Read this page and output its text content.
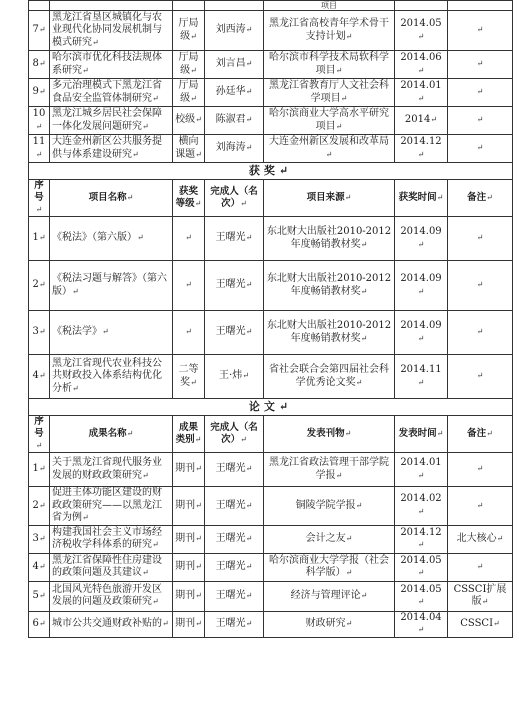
				项目		
7↵	黑龙江省垦区城镇化与农业现代化协同发展机制与模式研究↵	厅局级↵	刘西涛↵	黑龙江省高校青年学术骨干支持计划↵	2014.05↵	↵
8↵	哈尔滨市优化科技法规体系研究↵	厅局级↵	刘言昌↵	哈尔滨市科学技术局软科学项目↵	2014.06↵	↵
9↵	多元治理模式下黑龙江省食品安全监管体制研究↵	厅局级↵	孙廷华↵	黑龙江省教育厅人文社会科学项目↵	2014.01↵	↵
10↵	黑龙江城乡居民社会保障一体化发展问题研究↵	校级↵	陈淑君↵	哈尔滨商业大学高水平研究项目↵	2014↵	↵
11↵	大连金州新区公共服务提供与体系建设研究↵	横向课题↵	刘海涛↵	大连金州新区发展和改革局↵	2014.12↵	↵
获奖↵						
序号↵	项目名称↵	获奖等级↵	完成人（名次）↵	项目来源↵	获奖时间↵	备注↵
1↵	《税法》（第六版）↵	↵	王曙光↵	东北财大出版社2010-2012年度畅销教材奖↵	2014.09↵	↵
2↵	《税法习题与解答》（第六版）↵	↵	王曙光↵	东北财大出版社2010-2012年度畅销教材奖↵	2014.09↵	↵
3↵	《税法学》↵	↵	王曙光↵	东北财大出版社2010-2012年度畅销教材奖↵	2014.09↵	↵
4↵	黑龙江省现代农业科技公共财政投入体系结构优化分析↵	二等奖↵	王·炜↵	省社会联合会第四届社会科学优秀论文奖↵	2014.11↵	↵
论文↵						
序号↵	成果名称↵	成果类别↵	完成人（名次）↵	发表刊物↵	发表时间↵	备注↵
1↵	关于黑龙江省现代服务业发展的财政政策研究↵	期刊↵	王曙光↵	黑龙江省政法管理干部学院学报↵	2014.01↵	↵
2↵	促进主体功能区建设的财政政策研究——以黑龙江省为例↵	期刊↵	王曙光↵	铜陵学院学报↵	2014.02↵	↵
3↵	构建我国社会主义市场经济税收学科体系的研究↵	期刊↵	王曙光↵	会计之友↵	2014.12↵	北大核心↵
4↵	黑龙江省保障性住房建设的政策问题及其建议↵	期刊↵	王曙光↵	哈尔滨商业大学学报（社会科学版）↵	2014.05↵	↵
5↵	北国风光特色旅游开发区发展的问题及政策研究↵	期刊↵	王曙光↵	经济与管理评论↵	2014.05↵	CSSCI扩展版↵
6↵	城市公共交通财政补贴的↵	期刊↵	王曙光↵	财政研究↵	2014.04↵	CSSCI↵
